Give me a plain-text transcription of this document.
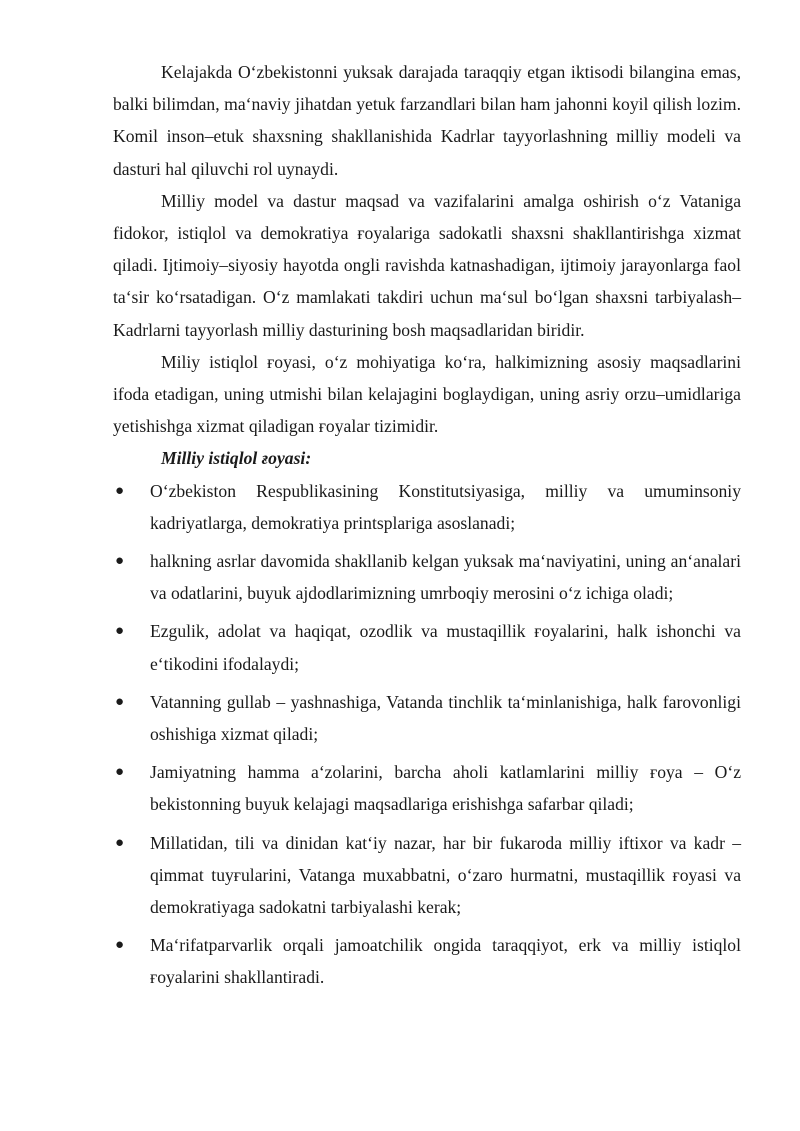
Kelajakda O‘zbekistonni yuksak darajada taraqqiy etgan iktisodi bilangina emas, balki bilimdan, ma‘naviy jihatdan yetuk farzandlari bilan ham jahonni koyil qilish lozim. Komil inson–etuk shaxsning shakllanishida Kadrlar tayyorlashning milliy modeli va dasturi hal qiluvchi rol uynaydi.

Milliy model va dastur maqsad va vazifalarini amalga oshirish o‘z Vataniga fidokor, istiqlol va demokratiya ғoyalariga sadokatli shaxsni shakllantirishga xizmat qiladi. Ijtimoiy–siyosiy hayotda ongli ravishda katnashadigan, ijtimoiy jarayonlarga faol ta‘sir ko‘rsatadigan. O‘z mamlakati takdiri uchun ma‘sul bo‘lgan shaxsni tarbiyalash–Kadrlarni tayyorlash milliy dasturining bosh maqsadlaridan biridir.

Miliy istiqlol ғoyasi, o‘z mohiyatiga ko‘ra, halkimizning asosiy maqsadlarini ifoda etadigan, uning utmishi bilan kelajagini boglaydigan, uning asriy orzu–umidlariga yetishishga xizmat qiladigan ғoyalar tizimidir.

Milliy istiqlol ғoyasi:
● O‘zbekiston Respublikasining Konstitutsiyasiga, milliy va umuminsoniy kadriyatlarga, demokratiya printsplariga asoslanadi;
● halkning asrlar davomida shakllanib kelgan yuksak ma‘naviyatini, uning an‘analari va odatlarini, buyuk ajdodlarimizning umrboqiy merosini o‘z ichiga oladi;
● Ezgulik, adolat va haqiqat, ozodlik va mustaqillik ғoyalarini, halk ishonchi va e‘tikodini ifodalaydi;
● Vatanning gullab – yashnashiga, Vatanda tinchlik ta‘minlanishiga, halk farovonligi oshishiga xizmat qiladi;
● Jamiyatning hamma a‘zolarini, barcha aholi katlamlarini milliy ғoya – O‘z bekistonning buyuk kelajagi maqsadlariga erishishga safarbar qiladi;
● Millatidan, tili va dinidan kat‘iy nazar, har bir fukaroda milliy iftixor va kadr – qimmat tuyғularini, Vatanga muxabbatni, o‘zaro hurmatni, mustaqillik ғoyasi va demokratiyaga sadokatni tarbiyalashi kerak;
● Ma‘rifatparvarlik orqali jamoatchilik ongida taraqqiyot, erk va milliy istiqlol ғoyalarini shakllantiradi.
